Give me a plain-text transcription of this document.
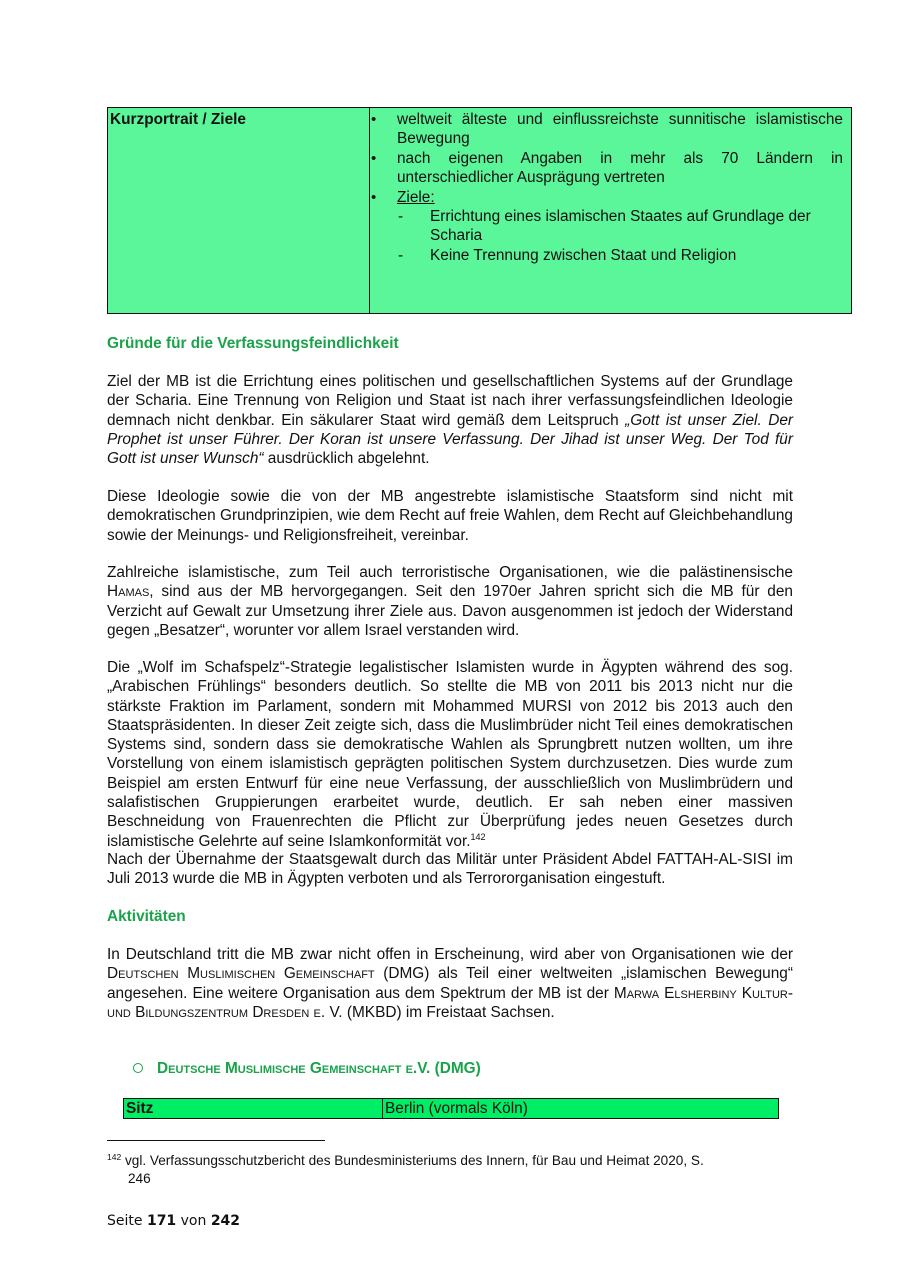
Kurzportrait / Ziele	•	weltweit älteste und einflussreichste sunnitische islamistische Bewegung
•	nach eigenen Angaben in mehr als 70 Ländern in unterschiedlicher Ausprägung vertreten
•	Ziele:
- Errichtung eines islamischen Staates auf Grundlage der Scharia
- Keine Trennung zwischen Staat und Religion
Gründe für die Verfassungsfeindlichkeit

Ziel der MB ist die Errichtung eines politischen und gesellschaftlichen Systems auf der Grundlage der Scharia. Eine Trennung von Religion und Staat ist nach ihrer verfassungsfeindlichen Ideologie demnach nicht denkbar. Ein säkularer Staat wird gemäß dem Leitspruch „Gott ist unser Ziel. Der Prophet ist unser Führer. Der Koran ist unsere Verfassung. Der Jihad ist unser Weg. Der Tod für Gott ist unser Wunsch“ ausdrücklich abgelehnt.

Diese Ideologie sowie die von der MB angestrebte islamistische Staatsform sind nicht mit demokratischen Grundprinzipien, wie dem Recht auf freie Wahlen, dem Recht auf Gleichbehandlung sowie der Meinungs- und Religionsfreiheit, vereinbar.

Zahlreiche islamistische, zum Teil auch terroristische Organisationen, wie die palästinensische Hamas, sind aus der MB hervorgegangen. Seit den 1970er Jahren spricht sich die MB für den Verzicht auf Gewalt zur Umsetzung ihrer Ziele aus. Davon ausgenommen ist jedoch der Widerstand gegen „Besatzer“, worunter vor allem Israel verstanden wird.

Die „Wolf im Schafspelz“-Strategie legalistischer Islamisten wurde in Ägypten während des sog. „Arabischen Frühlings“ besonders deutlich. So stellte die MB von 2011 bis 2013 nicht nur die stärkste Fraktion im Parlament, sondern mit Mohammed MURSI von 2012 bis 2013 auch den Staatspräsidenten. In dieser Zeit zeigte sich, dass die Muslimbrüder nicht Teil eines demokratischen Systems sind, sondern dass sie demokratische Wahlen als Sprungbrett nutzen wollten, um ihre Vorstellung von einem islamistisch geprägten politischen System durchzusetzen. Dies wurde zum Beispiel am ersten Entwurf für eine neue Verfassung, der ausschließlich von Muslimbrüdern und salafistischen Gruppierungen erarbeitet wurde, deutlich. Er sah neben einer massiven Beschneidung von Frauenrechten die Pflicht zur Überprüfung jedes neuen Gesetzes durch islamistische Gelehrte auf seine Islamkonformität vor.$^{142}$

Nach der Übernahme der Staatsgewalt durch das Militär unter Präsident Abdel FATTAH-AL-SISI im Juli 2013 wurde die MB in Ägypten verboten und als Terrororganisation eingestuft.

Aktivitäten

In Deutschland tritt die MB zwar nicht offen in Erscheinung, wird aber von Organisationen wie der Deutschen Muslimischen Gemeinschaft (DMG) als Teil einer weltweiten „islamischen Bewegung“ angesehen. Eine weitere Organisation aus dem Spektrum der MB ist der Marwa Elsherbiny Kultur- und Bildungszentrum Dresden e. V. (MKBD) im Freistaat Sachsen.

Deutsche Muslimische Gemeinschaft e.V. (DMG)
Sitz	Berlin (vormals Köln)
$^{142}$ vgl. Verfassungsschutzbericht des Bundesministeriums des Innern, für Bau und Heimat 2020, S.
246
Seite 171 von 242
